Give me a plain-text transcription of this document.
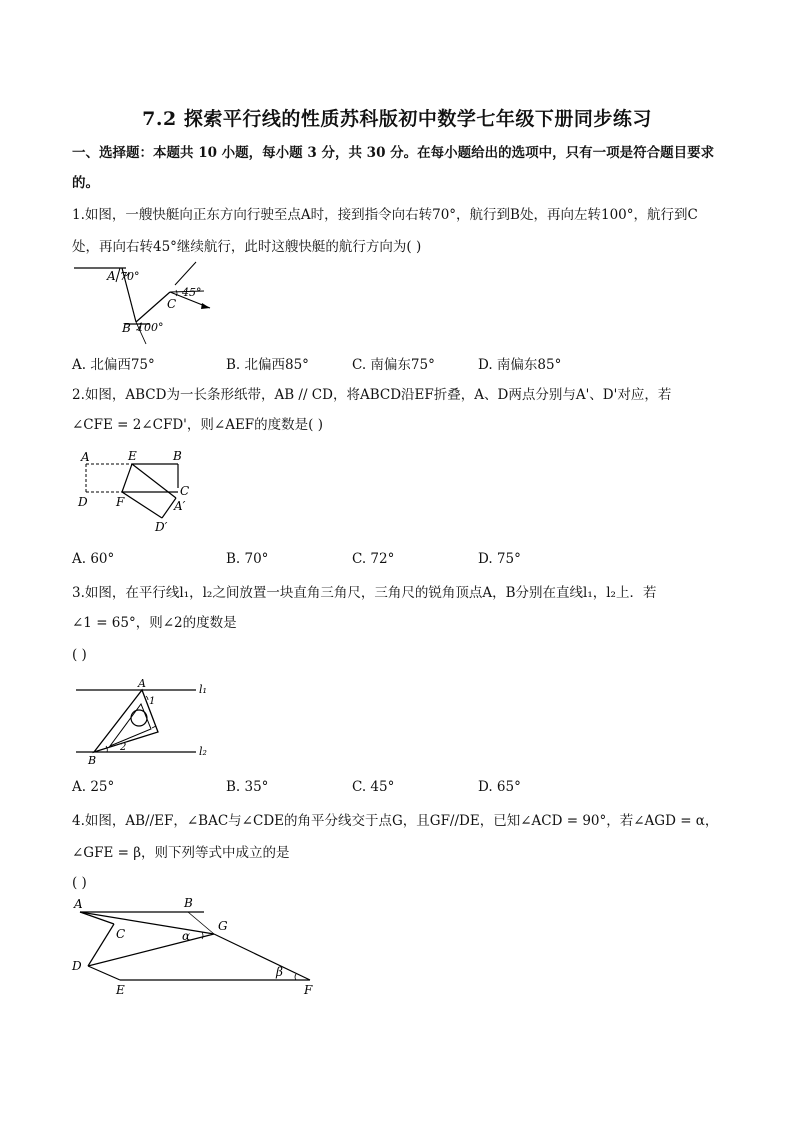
7.2 探索平行线的性质苏科版初中数学七年级下册同步练习
一、选择题：本题共 10 小题，每小题 3 分，共 30 分。在每小题给出的选项中，只有一项是符合题目要求
的。
1.如图，一艘快艇向正东方向行驶至点A时，接到指令向右转70°，航行到B处，再向左转100°，航行到C
处，再向右转45°继续航行，此时这艘快艇的航行方向为( )
A 70°
45°
C
B 100°
A. 北偏西75°	B. 北偏西85°	C. 南偏东75°	D. 南偏东85°
2.如图，ABCD为一长条形纸带，AB // CD，将ABCD沿EF折叠，A、D两点分别与A'、D'对应，若
∠CFE = 2∠CFD'，则∠AEF的度数是( )
A	E	B
C
D F	A′
D′
A. 60°	B. 70°	C. 72°	D. 75°
3.如图，在平行线l₁，l₂之间放置一块直角三角尺，三角尺的锐角顶点A，B分别在直线l₁，l₂上．若
∠1 = 65°，则∠2的度数是
( )
A
1
2
B
l₁
l₂
A. 25°	B. 35°	C. 45°	D. 65°
4.如图，AB//EF，∠BAC与∠CDE的角平分线交于点G，且GF//DE，已知∠ACD = 90°，若∠AGD = α，
∠GFE = β，则下列等式中成立的是
( )
A	B
C
G
α
D	β
E	F
